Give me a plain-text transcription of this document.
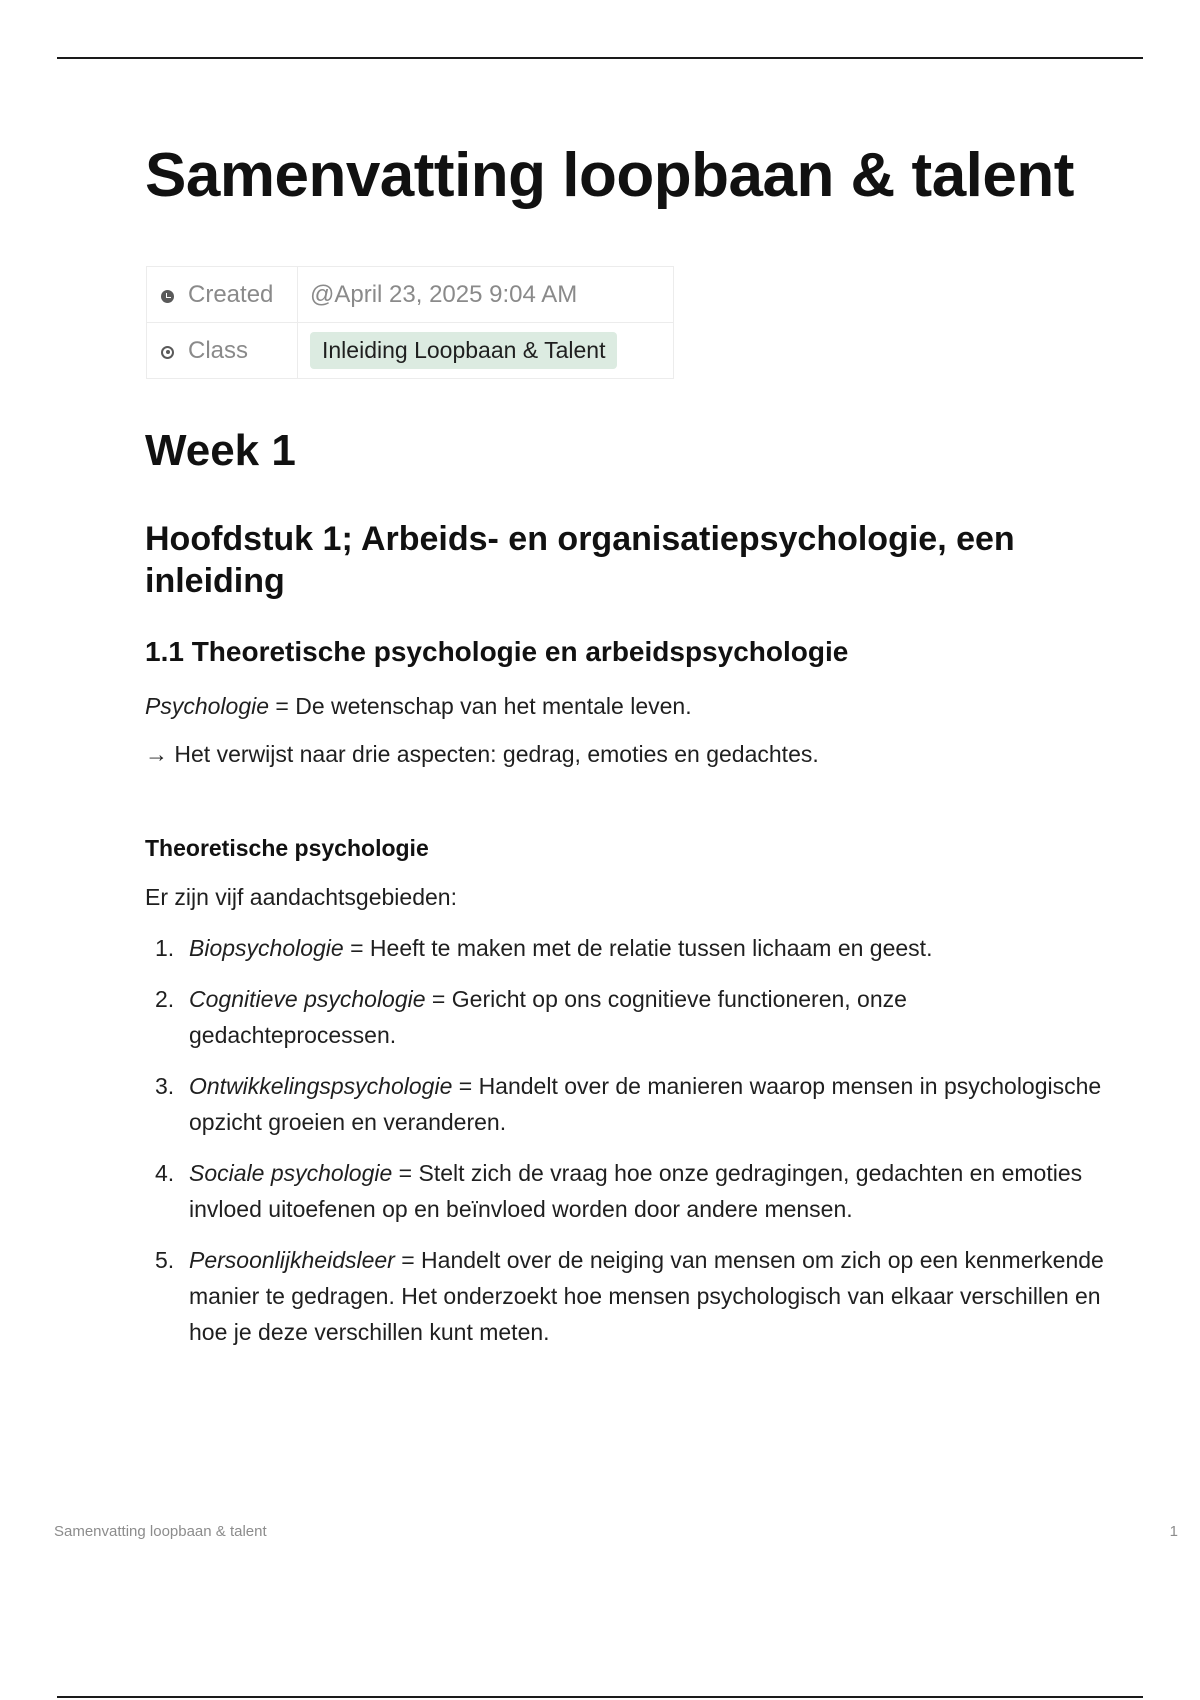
Samenvatting loopbaan & talent
Created	@April 23, 2025 9:04 AM
Class	Inleiding Loopbaan & Talent
Week 1
Hoofdstuk 1; Arbeids- en organisatiepsychologie, een inleiding
1.1 Theoretische psychologie en arbeidspsychologie

Psychologie = De wetenschap van het mentale leven.

→ Het verwijst naar drie aspecten: gedrag, emoties en gedachtes.

Theoretische psychologie

Er zijn vijf aandachtsgebieden:

1. Biopsychologie = Heeft te maken met de relatie tussen lichaam en geest.
2. Cognitieve psychologie = Gericht op ons cognitieve functioneren, onze gedachteprocessen.
3. Ontwikkelingspsychologie = Handelt over de manieren waarop mensen in psychologische opzicht groeien en veranderen.
4. Sociale psychologie = Stelt zich de vraag hoe onze gedragingen, gedachten en emoties invloed uitoefenen op en beïnvloed worden door andere mensen.
5. Persoonlijkheidsleer = Handelt over de neiging van mensen om zich op een kenmerkende manier te gedragen. Het onderzoekt hoe mensen psychologisch van elkaar verschillen en hoe je deze verschillen kunt meten.
Samenvatting loopbaan & talent	1
